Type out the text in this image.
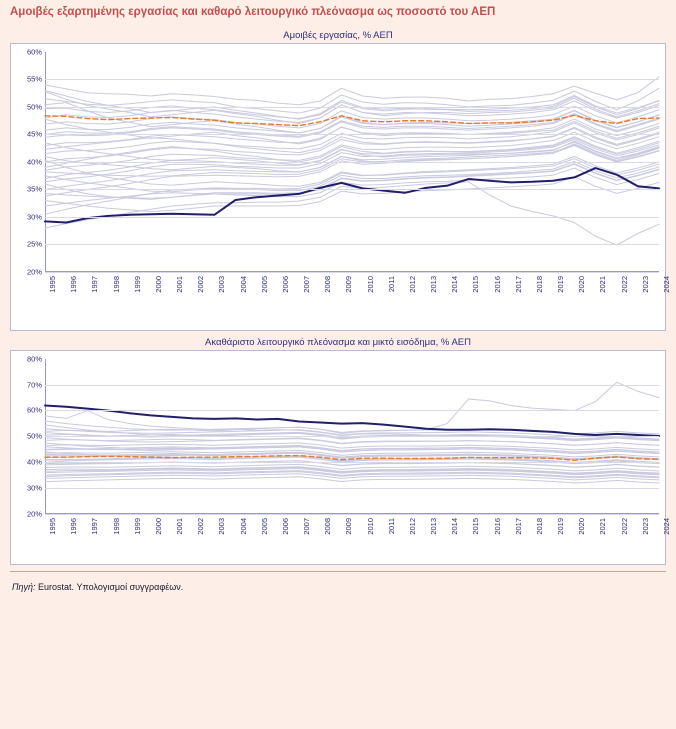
Αμοιβές εξαρτημένης εργασίας και καθαρό λειτουργικό πλεόνασμα ως ποσοστό του ΑΕΠ
Αμοιβές εργασίας, % ΑΕΠ
60%
55%
50%
45%
40%
35%
30%
25%
20%
1995 1996 1997 1998 1999 2000 2001 2002 2003 2004 2005 2006 2007 2008 2009 2010 2011 2012 2013 2014 2015 2016 2017 2018 2019 2020 2021 2022 2023 2024
Ακαθάριστο λειτουργικό πλεόνασμα και μικτό εισόδημα, % ΑΕΠ
80%
70%
60%
50%
40%
30%
20%
1995 1996 1997 1998 1999 2000 2001 2002 2003 2004 2005 2006 2007 2008 2009 2010 2011 2012 2013 2014 2015 2016 2017 2018 2019 2020 2021 2022 2023 2024
Πηγή: Eurostat. Υπολογισμοί συγγραφέων.
